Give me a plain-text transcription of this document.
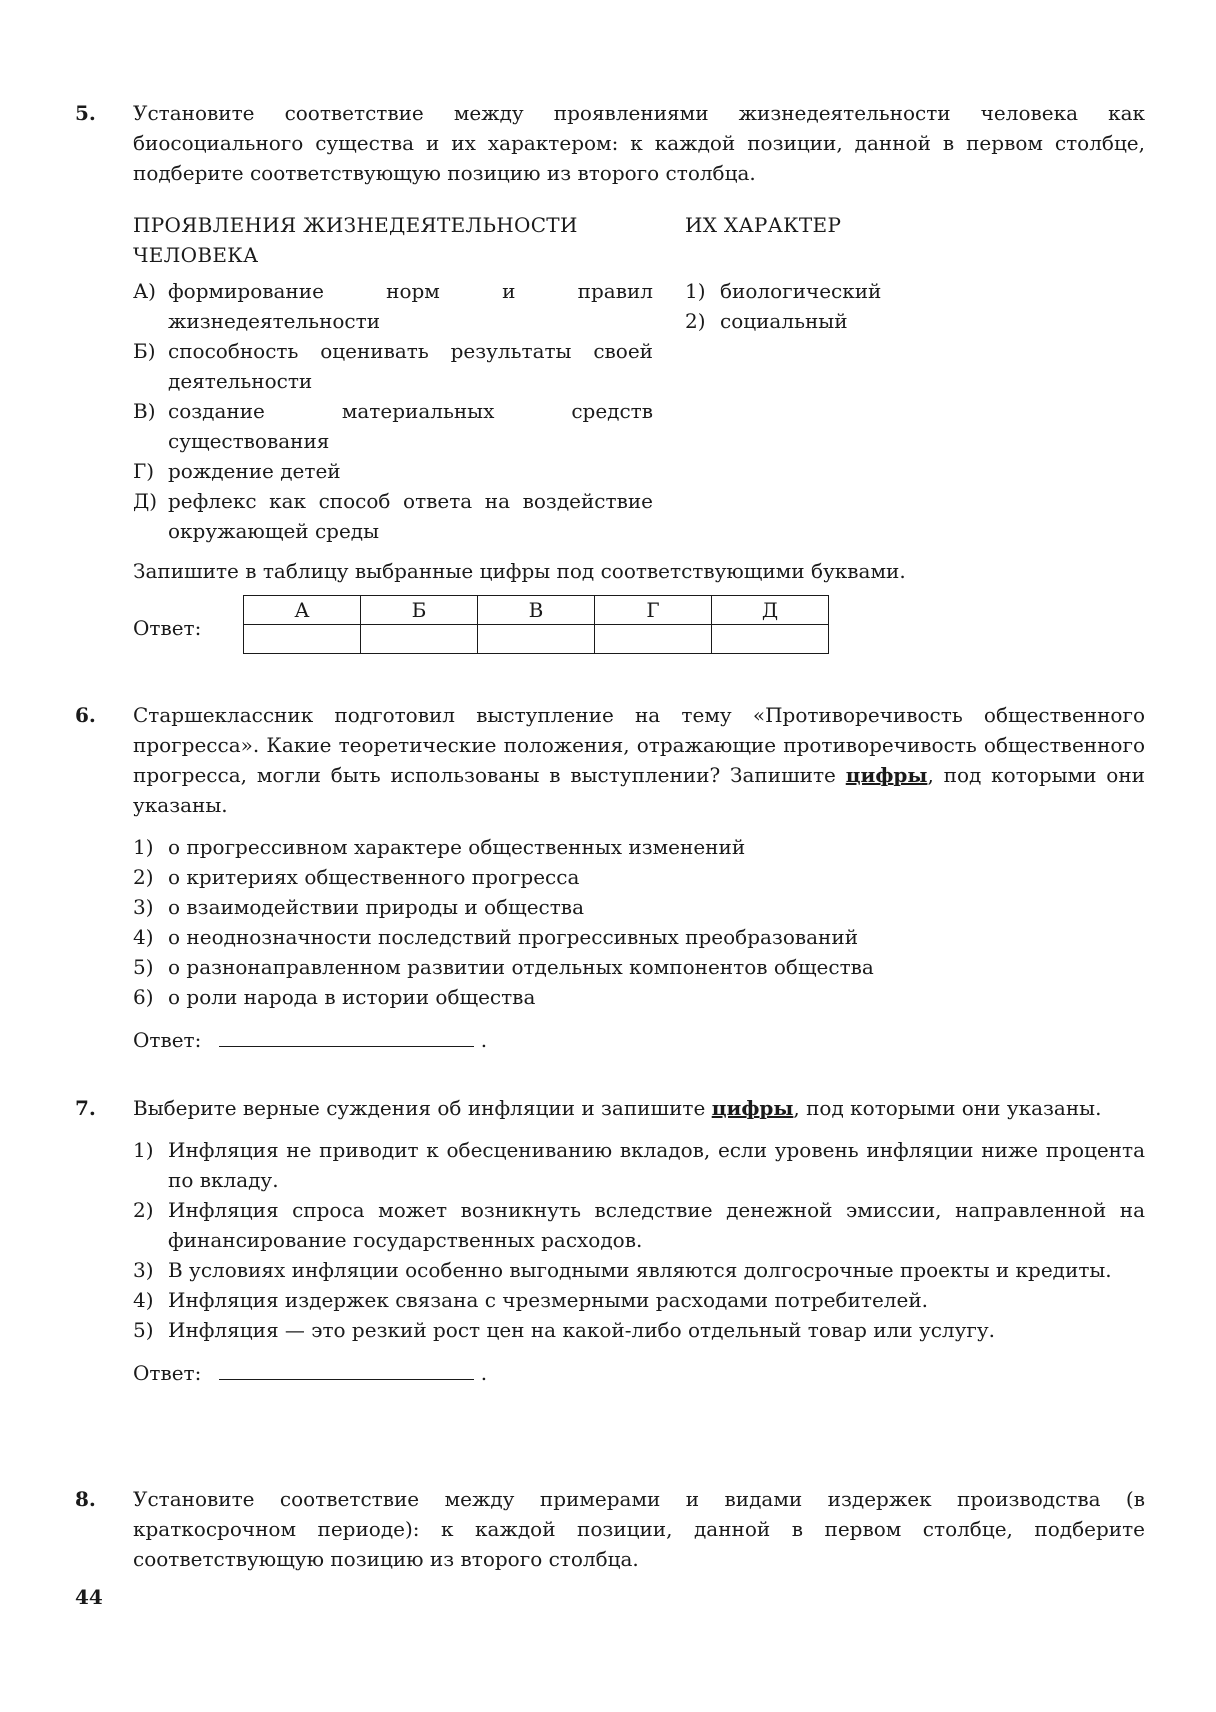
5. Установите соответствие между проявлениями жизнедеятельности человека как биосоциального существа и их характером: к каждой позиции, данной в первом столбце, подберите соответствующую позицию из второго столбца.

ПРОЯВЛЕНИЯ ЖИЗНЕДЕЯТЕЛЬНОСТИ ЧЕЛОВЕКА
А) формирование норм и правил жизнедеятельности
Б) способность оценивать результаты своей деятельности
В) создание материальных средств существования
Г) рождение детей
Д) рефлекс как способ ответа на воздействие окружающей среды
ИХ ХАРАКТЕР
1) биологический
2) социальный

Запишите в таблицу выбранные цифры под соответствующими буквами.

Ответ:
А	Б	В	Г	Д

6. Старшеклассник подготовил выступление на тему «Противоречивость общественного прогресса». Какие теоретические положения, отражающие противоречивость общественного прогресса, могли быть использованы в выступлении? Запишите цифры, под которыми они указаны.

1) о прогрессивном характере общественных изменений
2) о критериях общественного прогресса
3) о взаимодействии природы и общества
4) о неоднозначности последствий прогрессивных преобразований
5) о разнонаправленном развитии отдельных компонентов общества
6) о роли народа в истории общества

Ответ:	.

7. Выберите верные суждения об инфляции и запишите цифры, под которыми они указаны.

1) Инфляция не приводит к обесцениванию вкладов, если уровень инфляции ниже процента по вкладу.
2) Инфляция спроса может возникнуть вследствие денежной эмиссии, направленной на финансирование государственных расходов.
3) В условиях инфляции особенно выгодными являются долгосрочные проекты и кредиты.
4) Инфляция издержек связана с чрезмерными расходами потребителей.
5) Инфляция — это резкий рост цен на какой-либо отдельный товар или услугу.

Ответ:	.

8. Установите соответствие между примерами и видами издержек производства (в краткосрочном периоде): к каждой позиции, данной в первом столбце, подберите соответствующую позицию из второго столбца.

44
